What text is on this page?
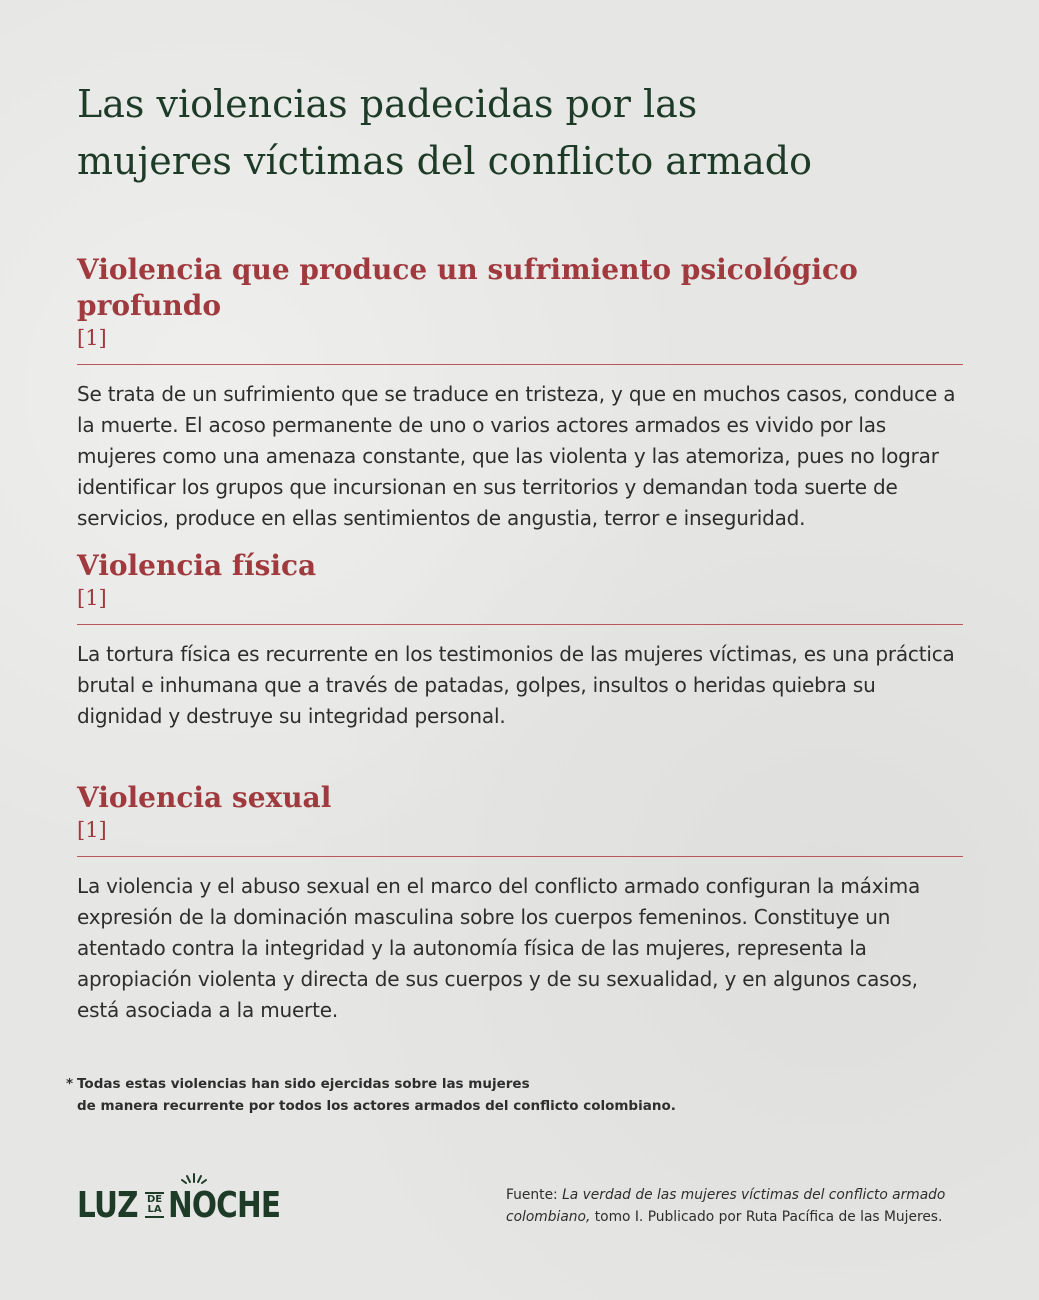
Las violencias padecidas por las
mujeres víctimas del conflicto armado
Violencia que produce un sufrimiento psicológico profundo
[1]

Se trata de un sufrimiento que se traduce en tristeza, y que en muchos casos, conduce a la muerte. El acoso permanente de uno o varios actores armados es vivido por las mujeres como una amenaza constante, que las violenta y las atemoriza, pues no lograr identificar los grupos que incursionan en sus territorios y demandan toda suerte de servicios, produce en ellas sentimientos de angustia, terror e inseguridad.

Violencia física
[1]

La tortura física es recurrente en los testimonios de las mujeres víctimas, es una práctica brutal e inhumana que a través de patadas, golpes, insultos o heridas quiebra su dignidad y destruye su integridad personal.

Violencia sexual
[1]

La violencia y el abuso sexual en el marco del conflicto armado configuran la máxima expresión de la dominación masculina sobre los cuerpos femeninos. Constituye un atentado contra la integridad y la autonomía física de las mujeres, representa la apropiación violenta y directa de sus cuerpos y de su sexualidad, y en algunos casos, está asociada a la muerte.

* Todas estas violencias han sido ejercidas sobre las mujeres
de manera recurrente por todos los actores armados del conflicto colombiano.
LUZ DE
LA NOCHE	Fuente: La verdad de las mujeres víctimas del conflicto armado
colombiano, tomo I. Publicado por Ruta Pacífica de las Mujeres.
